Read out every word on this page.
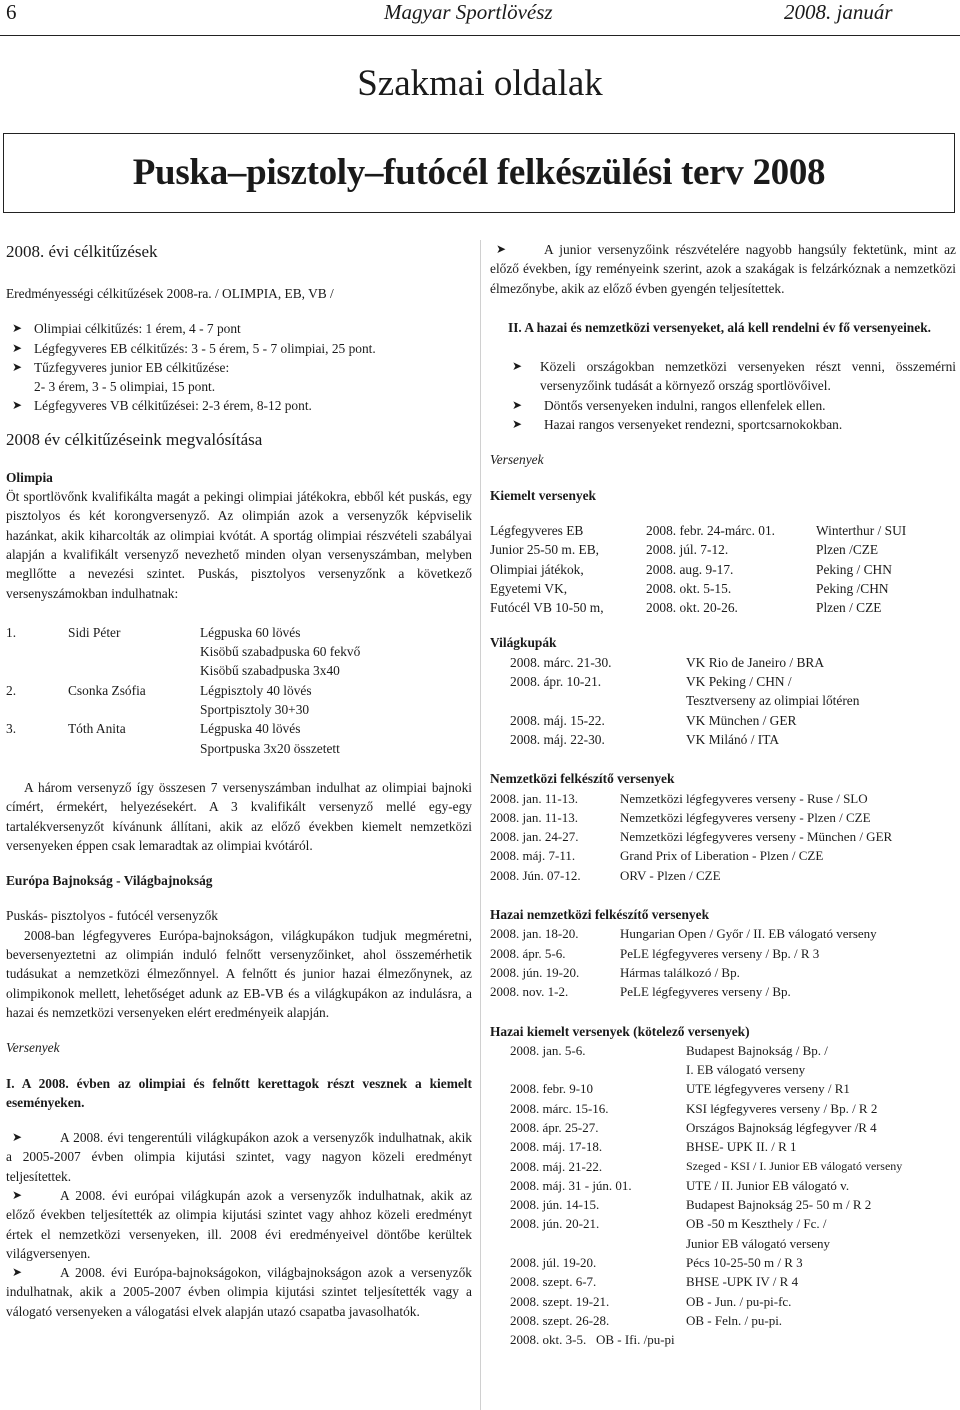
6	Magyar Sportlövész	2008. január
Szakmai oldalak
Puska–pisztoly–futócél felkészülési terv 2008

2008. évi célkitűzések

Eredményességi célkitűzések 2008-ra. / OLIMPIA, EB, VB /

➤ Olimpiai célkitűzés: 1 érem, 4 - 7 pont
➤ Légfegyveres EB célkitűzés: 3 - 5 érem, 5 - 7 olimpiai, 25 pont.
➤ Tűzfegyveres junior EB célkitűzése:
2- 3 érem, 3 - 5 olimpiai, 15 pont.
➤ Légfegyveres VB célkitűzései: 2-3 érem, 8-12 pont.

2008 év célkitűzéseink megvalósítása

Olimpia

Öt sportlövőnk kvalifikálta magát a pekingi olimpiai játékokra, ebből két puskás, egy pisztolyos és két korongversenyző. Az olimpián azok a versenyzők képviselik hazánkat, akik kiharcolták az olimpiai kvótát. A sportág olimpiai részvételi szabályai alapján a kvalifikált versenyző nevezhető minden olyan versenyszámban, melyben megllőtte a nevezési szintet. Puskás, pisztolyos versenyzőnk a következő versenyszámokban indulhatnak:

1.	Sidi Péter	Légpuska 60 lövés
Kisöbű szabadpuska 60 fekvő
Kisöbű szabadpuska 3x40
2.	Csonka Zsófia	Légpisztoly 40 lövés
Sportpisztoly 30+30
3.	Tóth Anita	Légpuska 40 lövés
Sportpuska 3x20 összetett

A három versenyző így összesen 7 versenyszámban indulhat az olimpiai bajnoki címért, érmekért, helyezésekért. A 3 kvalifikált versenyző mellé egy-egy tartalékversenyzőt kívánunk állítani, akik az előző években kiemelt nemzetközi versenyeken éppen csak lemaradtak az olimpiai kvótáról.

Európa Bajnokság - Világbajnokság

Puskás- pisztolyos - futócél versenyzők

2008-ban légfegyveres Európa-bajnokságon, világkupákon tudjuk megméretni, beversenyeztetni az olimpián induló felnőtt versenyzőinket, ahol összemérhetik tudásukat a nemzetközi élmezőnnyel. A felnőtt és junior hazai élmezőnynek, az olimpikonok mellett, lehetőséget adunk az EB-VB és a világkupákon az indulásra, a hazai és nemzetközi versenyeken elért eredményeik alapján.

Versenyek

I. A 2008. évben az olimpiai és felnőtt kerettagok részt vesznek a kiemelt eseményeken.

➤	A 2008. évi tengerentúli világkupákon azok a versenyzők indulhatnak, akik a 2005-2007 évben olimpia kijutási szintet, vagy nagyon közeli eredményt teljesítettek.
➤	A 2008. évi európai világkupán azok a versenyzők indulhatnak, akik az előző években teljesítették az olimpia kijutási szintet vagy ahhoz közeli eredményt értek el nemzetközi versenyeken, ill. 2008 évi eredményeivel döntőbe kerültek világversenyen.
➤	A 2008. évi Európa-bajnokságokon, világbajnokságon azok a versenyzők indulhatnak, akik a 2005-2007 évben olimpia kijutási szintet teljesítették vagy a válogató versenyeken a válogatási elvek alapján utazó csapatba javasolhatók.
➤	A junior versenyzőink részvételére nagyobb hangsúly fektetünk, mint az előző években, így reményeink szerint, azok a szakágak is felzárkóznak a nemzetközi élmezőnybe, akik az előző évben gyengén teljesítettek.

II. A hazai és nemzetközi versenyeket, alá kell rendelni év fő versenyeinek.

➤ Közeli országokban nemzetközi versenyeken részt venni, összemérni versenyzőink tudását a környező ország sportlövőivel.
➤ Döntős versenyeken indulni, rangos ellenfelek ellen.
➤ Hazai rangos versenyeket rendezni, sportcsarnokokban.

Versenyek

Kiemelt versenyek

Légfegyveres EB	2008. febr. 24-márc. 01.	Winterthur / SUI
Junior 25-50 m. EB,	2008. júl. 7-12.	Plzen /CZE
Olimpiai játékok,	2008. aug. 9-17.	Peking / CHN
Egyetemi VK,	2008. okt. 5-15.	Peking /CHN
Futócél VB 10-50 m,	2008. okt. 20-26.	Plzen / CZE

Világkupák

2008. márc. 21-30.	VK Rio de Janeiro / BRA
2008. ápr. 10-21.	VK Peking / CHN /
Tesztverseny az olimpiai lőtéren
2008. máj. 15-22.	VK München / GER
2008. máj. 22-30.	VK Milánó / ITA

Nemzetközi felkészítő versenyek

2008. jan. 11-13.	Nemzetközi légfegyveres verseny - Ruse / SLO
2008. jan. 11-13.	Nemzetközi légfegyveres verseny - Plzen / CZE
2008. jan. 24-27.	Nemzetközi légfegyveres verseny - München / GER
2008. máj. 7-11.	Grand Prix of Liberation - Plzen / CZE
2008. Jún. 07-12.	ORV - Plzen / CZE

Hazai nemzetközi felkészítő versenyek

2008. jan. 18-20.	Hungarian Open / Győr / II. EB válogató verseny
2008. ápr. 5-6.	PeLE légfegyveres verseny / Bp. / R 3
2008. jún. 19-20.	Hármas találkozó / Bp.
2008. nov. 1-2.	PeLE légfegyveres verseny / Bp.

Hazai kiemelt versenyek (kötelező versenyek)

2008. jan. 5-6.	Budapest Bajnokság / Bp. /
I. EB válogató verseny
2008. febr. 9-10	UTE légfegyveres verseny / R1
2008. márc. 15-16.	KSI légfegyveres verseny / Bp. / R 2
2008. ápr. 25-27.	Országos Bajnokság légfegyver /R 4
2008. máj. 17-18.	BHSE- UPK II. / R 1
2008. máj. 21-22.	Szeged - KSI / I. Junior EB válogató verseny
2008. máj. 31 - jún. 01.	UTE / II. Junior EB válogató v.
2008. jún. 14-15.	Budapest Bajnokság 25- 50 m / R 2
2008. jún. 20-21.	OB -50 m Keszthely / Fc. /
Junior EB válogató verseny
2008. júl. 19-20.	Pécs 10-25-50 m / R 3
2008. szept. 6-7.	BHSE -UPK IV / R 4
2008. szept. 19-21.	OB - Jun. / pu-pi-fc.
2008. szept. 26-28.	OB - Feln. / pu-pi.
2008. okt. 3-5.   OB - Ifi. /pu-pi
